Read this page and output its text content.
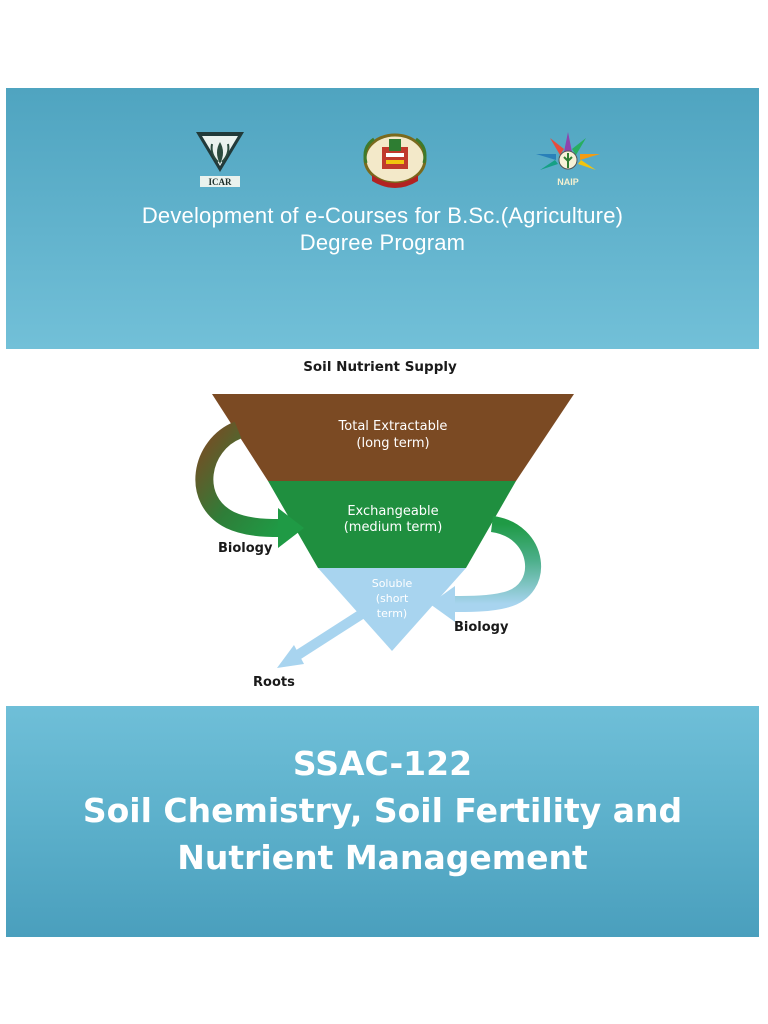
ICAR	NAIP
Development of e-Courses for B.Sc.(Agriculture)
Degree Program
Soil Nutrient Supply
Total Extractable
(long term)
Exchangeable
(medium term)
Soluble
(short
term)
Biology
Biology
Roots
SSAC-122
Soil Chemistry, Soil Fertility and
Nutrient Management
